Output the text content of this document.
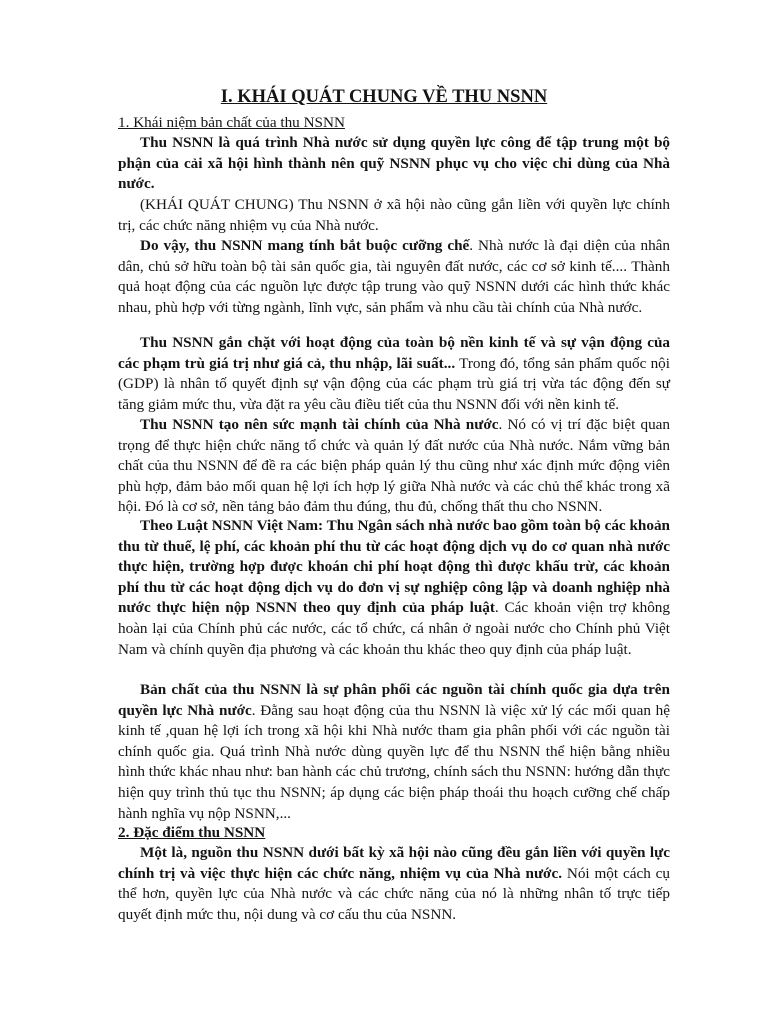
I. KHÁI QUÁT CHUNG VỀ THU NSNN

1. Khái niệm bản chất của thu NSNN

Thu NSNN là quá trình Nhà nước sử dụng quyền lực công để tập trung một bộ phận của cải xã hội hình thành nên quỹ NSNN phục vụ cho việc chi dùng của Nhà nước.

(KHÁI QUÁT CHUNG) Thu NSNN ở xã hội nào cũng gắn liền với quyền lực chính trị, các chức năng nhiệm vụ của Nhà nước.

Do vậy, thu NSNN mang tính bắt buộc cưỡng chế. Nhà nước là đại diện của nhân dân, chủ sở hữu toàn bộ tài sản quốc gia, tài nguyên đất nước, các cơ sở kinh tế.... Thành quả hoạt động của các nguồn lực được tập trung vào quỹ NSNN dưới các hình thức khác nhau, phù hợp với từng ngành, lĩnh vực, sản phẩm và nhu cầu tài chính của Nhà nước.

Thu NSNN gắn chặt với hoạt động của toàn bộ nền kinh tế và sự vận động của các phạm trù giá trị như giá cả, thu nhập, lãi suất... Trong đó, tổng sản phẩm quốc nội (GDP) là nhân tố quyết định sự vận động của các phạm trù giá trị vừa tác động đến sự tăng giảm mức thu, vừa đặt ra yêu cầu điều tiết của thu NSNN đối với nền kinh tế.

Thu NSNN tạo nên sức mạnh tài chính của Nhà nước. Nó có vị trí đặc biệt quan trọng để thực hiện chức năng tổ chức và quản lý đất nước của Nhà nước. Nắm vững bản chất của thu NSNN để đề ra các biện pháp quản lý thu cũng như xác định mức động viên phù hợp, đảm bảo mối quan hệ lợi ích hợp lý giữa Nhà nước và các chủ thể khác trong xã hội. Đó là cơ sở, nền tảng bảo đảm thu đúng, thu đủ, chống thất thu cho NSNN.

Theo Luật NSNN Việt Nam: Thu Ngân sách nhà nước bao gồm toàn bộ các khoản thu từ thuế, lệ phí, các khoản phí thu từ các hoạt động dịch vụ do cơ quan nhà nước thực hiện, trường hợp được khoán chi phí hoạt động thì được khấu trừ, các khoản phí thu từ các hoạt động dịch vụ do đơn vị sự nghiệp công lập và doanh nghiệp nhà nước thực hiện nộp NSNN theo quy định của pháp luật. Các khoản viện trợ không hoàn lại của Chính phủ các nước, các tổ chức, cá nhân ở ngoài nước cho Chính phủ Việt Nam và chính quyền địa phương và các khoản thu khác theo quy định của pháp luật.

Bản chất của thu NSNN là sự phân phối các nguồn tài chính quốc gia dựa trên quyền lực Nhà nước. Đằng sau hoạt động của thu NSNN là việc xử lý các mối quan hệ kinh tế ,quan hệ lợi ích trong xã hội khi Nhà nước tham gia phân phối với các nguồn tài chính quốc gia. Quá trình Nhà nước dùng quyền lực để thu NSNN thể hiện bằng nhiều hình thức khác nhau như: ban hành các chủ trương, chính sách thu NSNN: hướng dẫn thực hiện quy trình thủ tục thu NSNN; áp dụng các biện pháp thoái thu hoạch cưỡng chế chấp hành nghĩa vụ nộp NSNN,...

2. Đặc điểm thu NSNN

Một là, nguồn thu NSNN dưới bất kỳ xã hội nào cũng đều gắn liền với quyền lực chính trị và việc thực hiện các chức năng, nhiệm vụ của Nhà nước. Nói một cách cụ thể hơn, quyền lực của Nhà nước và các chức năng của nó là những nhân tố trực tiếp quyết định mức thu, nội dung và cơ cấu thu của NSNN.
